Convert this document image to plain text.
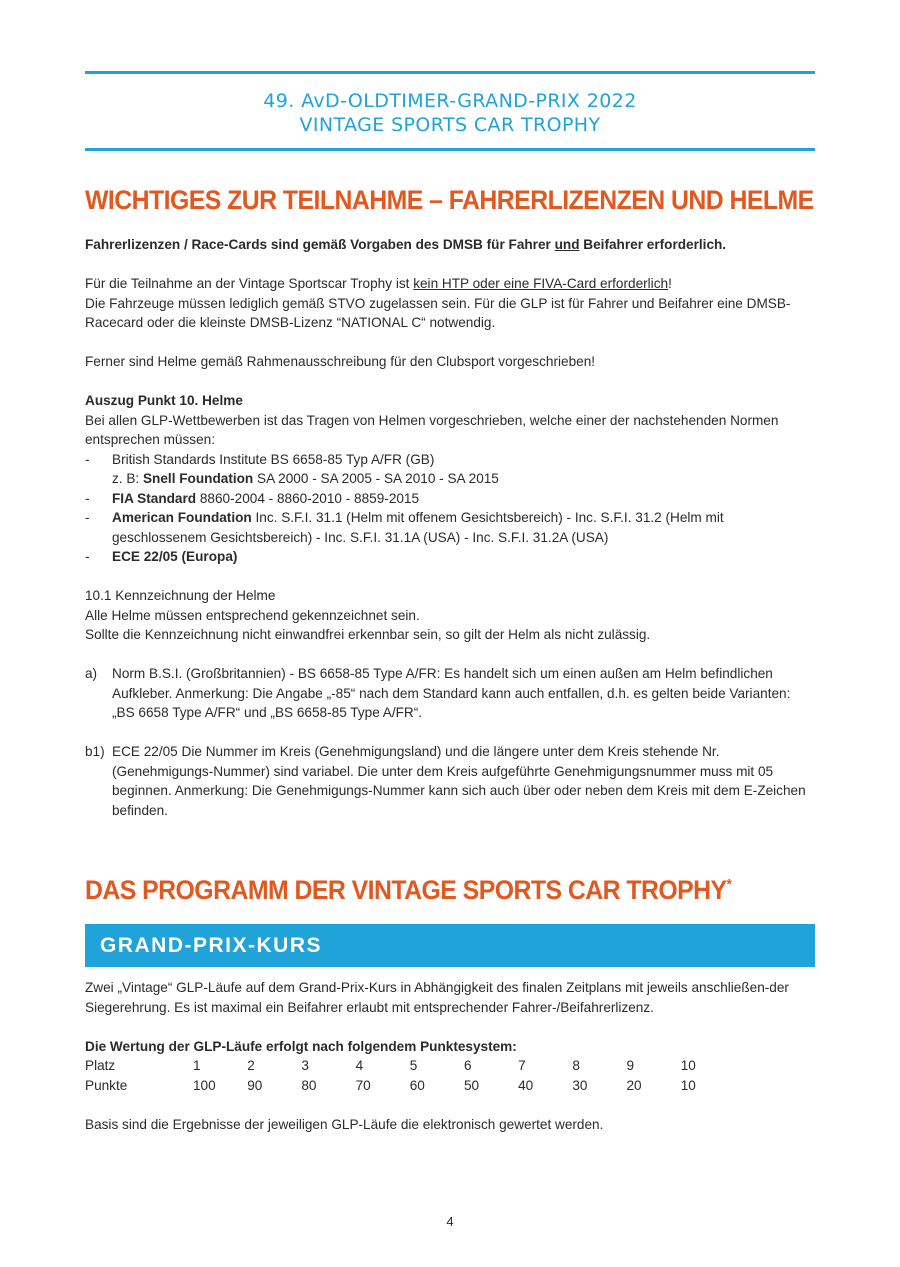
49. AvD-OLDTIMER-GRAND-PRIX 2022
VINTAGE SPORTS CAR TROPHY
WICHTIGES ZUR TEILNAHME – FAHRERLIZENZEN UND HELME

Fahrerlizenzen / Race-Cards sind gemäß Vorgaben des DMSB für Fahrer und Beifahrer erforderlich.

Für die Teilnahme an der Vintage Sportscar Trophy ist kein HTP oder eine FIVA-Card erforderlich!
Die Fahrzeuge müssen lediglich gemäß STVO zugelassen sein. Für die GLP ist für Fahrer und Beifahrer eine DMSB-Racecard oder die kleinste DMSB-Lizenz “NATIONAL C“ notwendig.

Ferner sind Helme gemäß Rahmenausschreibung für den Clubsport vorgeschrieben!

Auszug Punkt 10. Helme

Bei allen GLP-Wettbewerben ist das Tragen von Helmen vorgeschrieben, welche einer der nachstehenden Normen entsprechen müssen:

-	British Standards Institute BS 6658-85 Typ A/FR (GB)
z. B: Snell Foundation SA 2000 - SA 2005 - SA 2010 - SA 2015
-	FIA Standard 8860-2004 - 8860-2010 - 8859-2015
-	American Foundation Inc. S.F.I. 31.1 (Helm mit offenem Gesichtsbereich) - Inc. S.F.I. 31.2 (Helm mit geschlossenem Gesichtsbereich) - Inc. S.F.I. 31.1A (USA) - Inc. S.F.I. 31.2A (USA)
-	ECE 22/05 (Europa)

10.1 Kennzeichnung der Helme

Alle Helme müssen entsprechend gekennzeichnet sein.

Sollte die Kennzeichnung nicht einwandfrei erkennbar sein, so gilt der Helm als nicht zulässig.

a)	Norm B.S.I. (Großbritannien) - BS 6658-85 Type A/FR: Es handelt sich um einen außen am Helm befindlichen Aufkleber. Anmerkung: Die Angabe „-85“ nach dem Standard kann auch entfallen, d.h. es gelten beide Varianten: „BS 6658 Type A/FR“ und „BS 6658-85 Type A/FR“.
b1) ECE 22/05 Die Nummer im Kreis (Genehmigungsland) und die längere unter dem Kreis stehende Nr. (Genehmigungs-Nummer) sind variabel. Die unter dem Kreis aufgeführte Genehmigungsnummer muss mit 05 beginnen. Anmerkung: Die Genehmigungs-Nummer kann sich auch über oder neben dem Kreis mit dem E-Zeichen befinden.
DAS PROGRAMM DER VINTAGE SPORTS CAR TROPHY*
GRAND-PRIX-KURS

Zwei „Vintage“ GLP-Läufe auf dem Grand-Prix-Kurs in Abhängigkeit des finalen Zeitplans mit jeweils anschließen-der Siegerehrung. Es ist maximal ein Beifahrer erlaubt mit entsprechender Fahrer-/Beifahrerlizenz.

Die Wertung der GLP-Läufe erfolgt nach folgendem Punktesystem:

Platz	1	2	3	4	5	6	7	8	9	10
Punkte	100	90	80	70	60	50	40	30	20	10

Basis sind die Ergebnisse der jeweiligen GLP-Läufe die elektronisch gewertet werden.

4
